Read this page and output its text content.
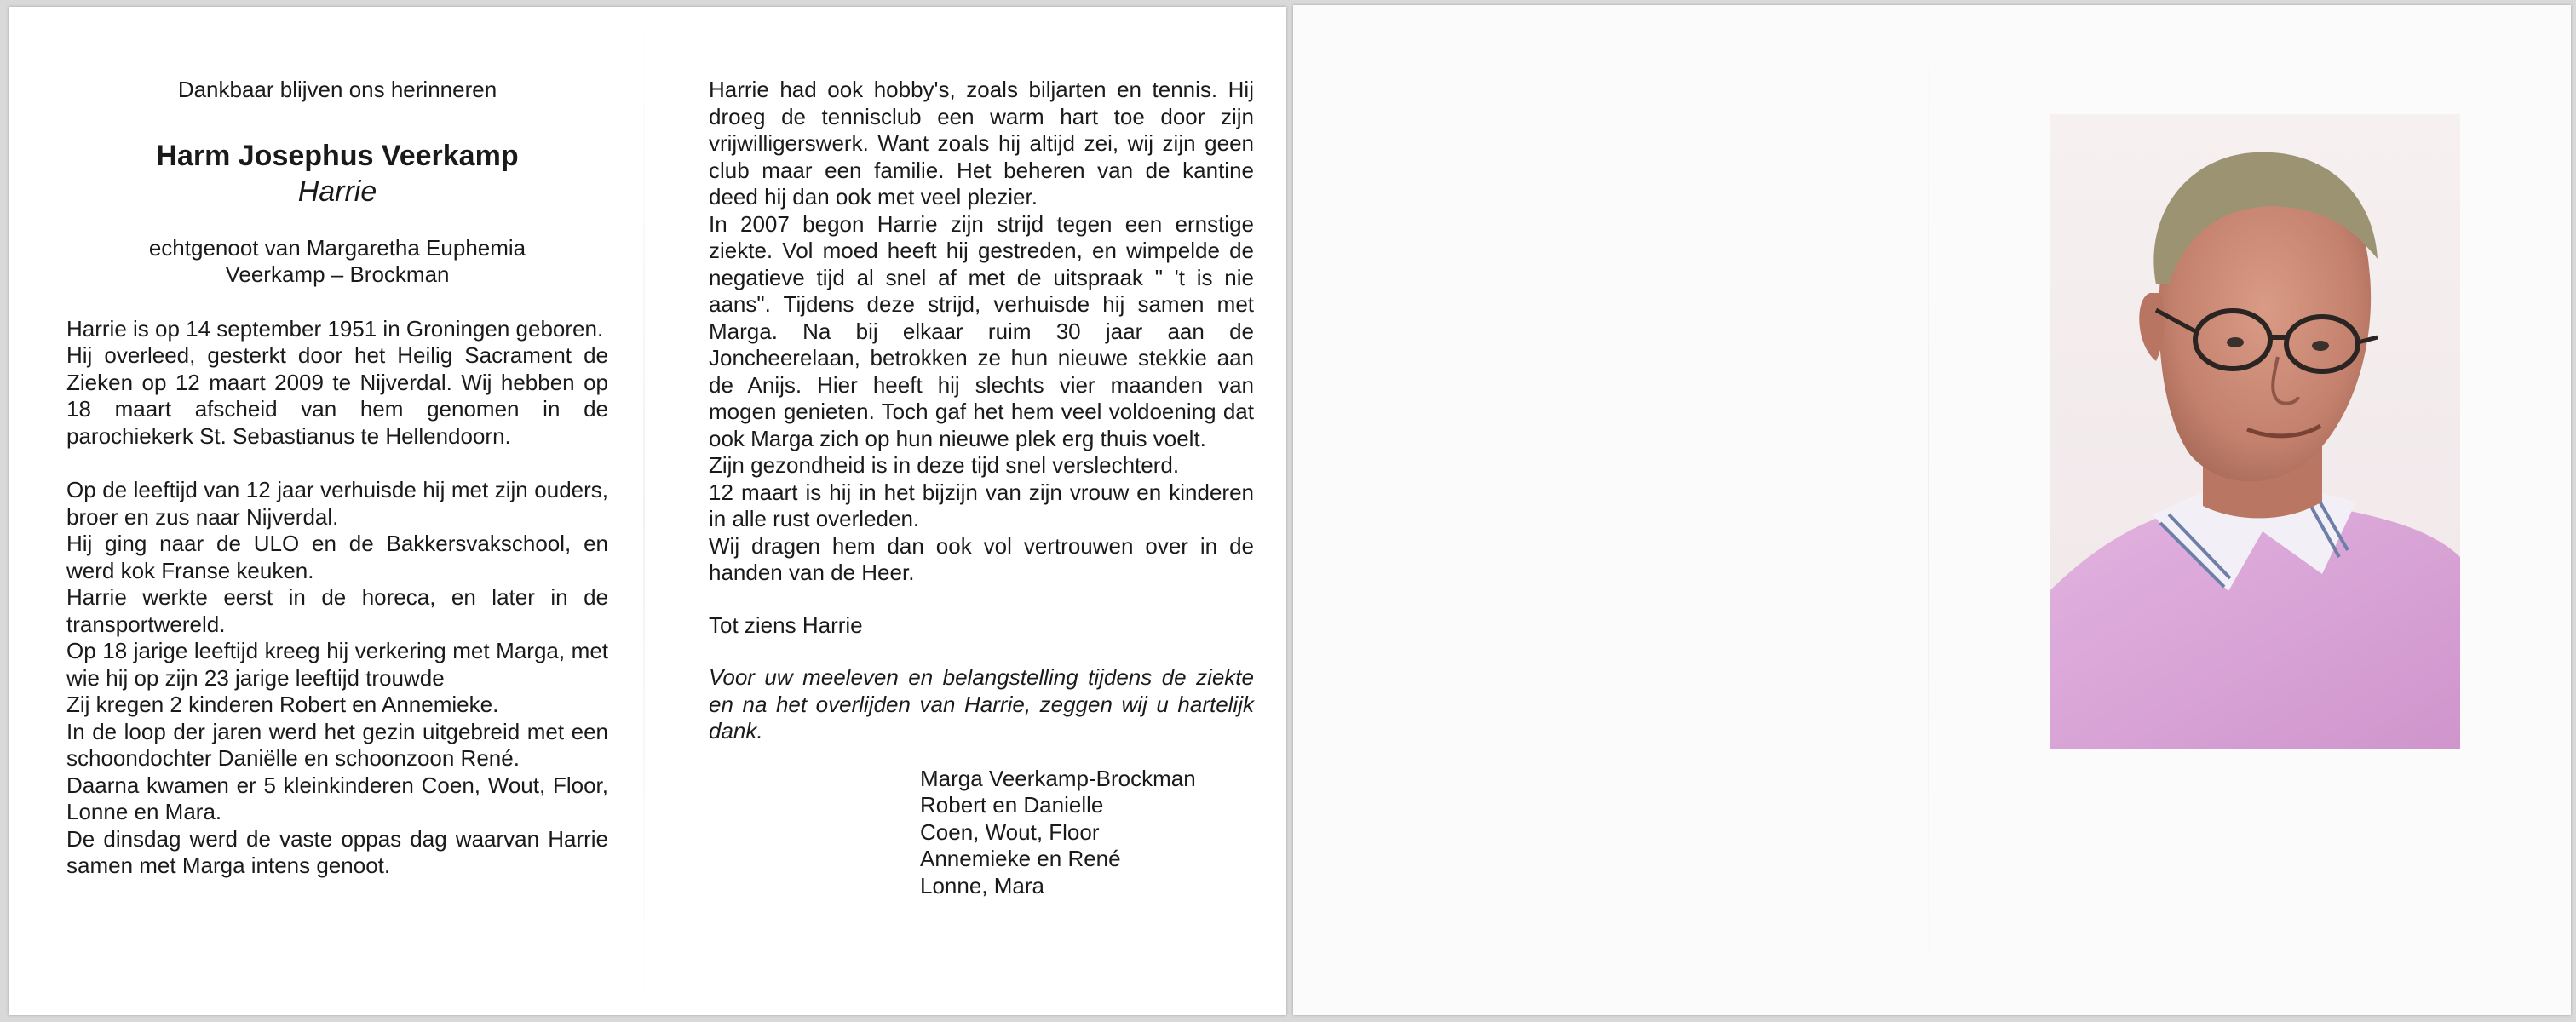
Dankbaar blijven ons herinneren
Harm Josephus Veerkamp
Harrie
echtgenoot van Margaretha Euphemia
Veerkamp – Brockman

Harrie is op 14 september 1951 in Groningen geboren.

Hij overleed, gesterkt door het Heilig Sacrament de Zieken op 12 maart 2009 te Nijverdal. Wij hebben op 18 maart afscheid van hem genomen in de parochiekerk St. Sebastianus te Hellendoorn.

Op de leeftijd van 12 jaar verhuisde hij met zijn ouders, broer en zus naar Nijverdal.

Hij ging naar de ULO en de Bakkersvakschool, en werd kok Franse keuken.

Harrie werkte eerst in de horeca, en later in de transportwereld.

Op 18 jarige leeftijd kreeg hij verkering met Marga, met wie hij op zijn 23 jarige leeftijd trouwde

Zij kregen 2 kinderen Robert en Annemieke.

In de loop der jaren werd het gezin uitgebreid met een schoondochter Daniëlle en schoonzoon René.

Daarna kwamen er 5 kleinkinderen Coen, Wout, Floor, Lonne en Mara.

De dinsdag werd de vaste oppas dag waarvan Harrie samen met Marga intens genoot.

Harrie had ook hobby's, zoals biljarten en tennis. Hij droeg de tennisclub een warm hart toe door zijn vrijwilligerswerk. Want zoals hij altijd zei, wij zijn geen club maar een familie. Het beheren van de kantine deed hij dan ook met veel plezier.

In 2007 begon Harrie zijn strijd tegen een ernstige ziekte. Vol moed heeft hij gestreden, en wimpelde de negatieve tijd al snel af met de uitspraak " 't is nie aans". Tijdens deze strijd, verhuisde hij samen met Marga. Na bij elkaar ruim 30 jaar aan de Joncheerelaan, betrokken ze hun nieuwe stekkie aan de Anijs. Hier heeft hij slechts vier maanden van mogen genieten. Toch gaf het hem veel voldoening dat ook Marga zich op hun nieuwe plek erg thuis voelt.

Zijn gezondheid is in deze tijd snel verslechterd.

12 maart is hij in het bijzijn van zijn vrouw en kinderen in alle rust overleden.

Wij dragen hem dan ook vol vertrouwen over in de handen van de Heer.

Tot ziens Harrie

Voor uw meeleven en belangstelling tijdens de ziekte en na het overlijden van Harrie, zeggen wij u hartelijk dank.

Marga Veerkamp-Brockman
Robert en Danielle
Coen, Wout, Floor
Annemieke en René
Lonne, Mara
